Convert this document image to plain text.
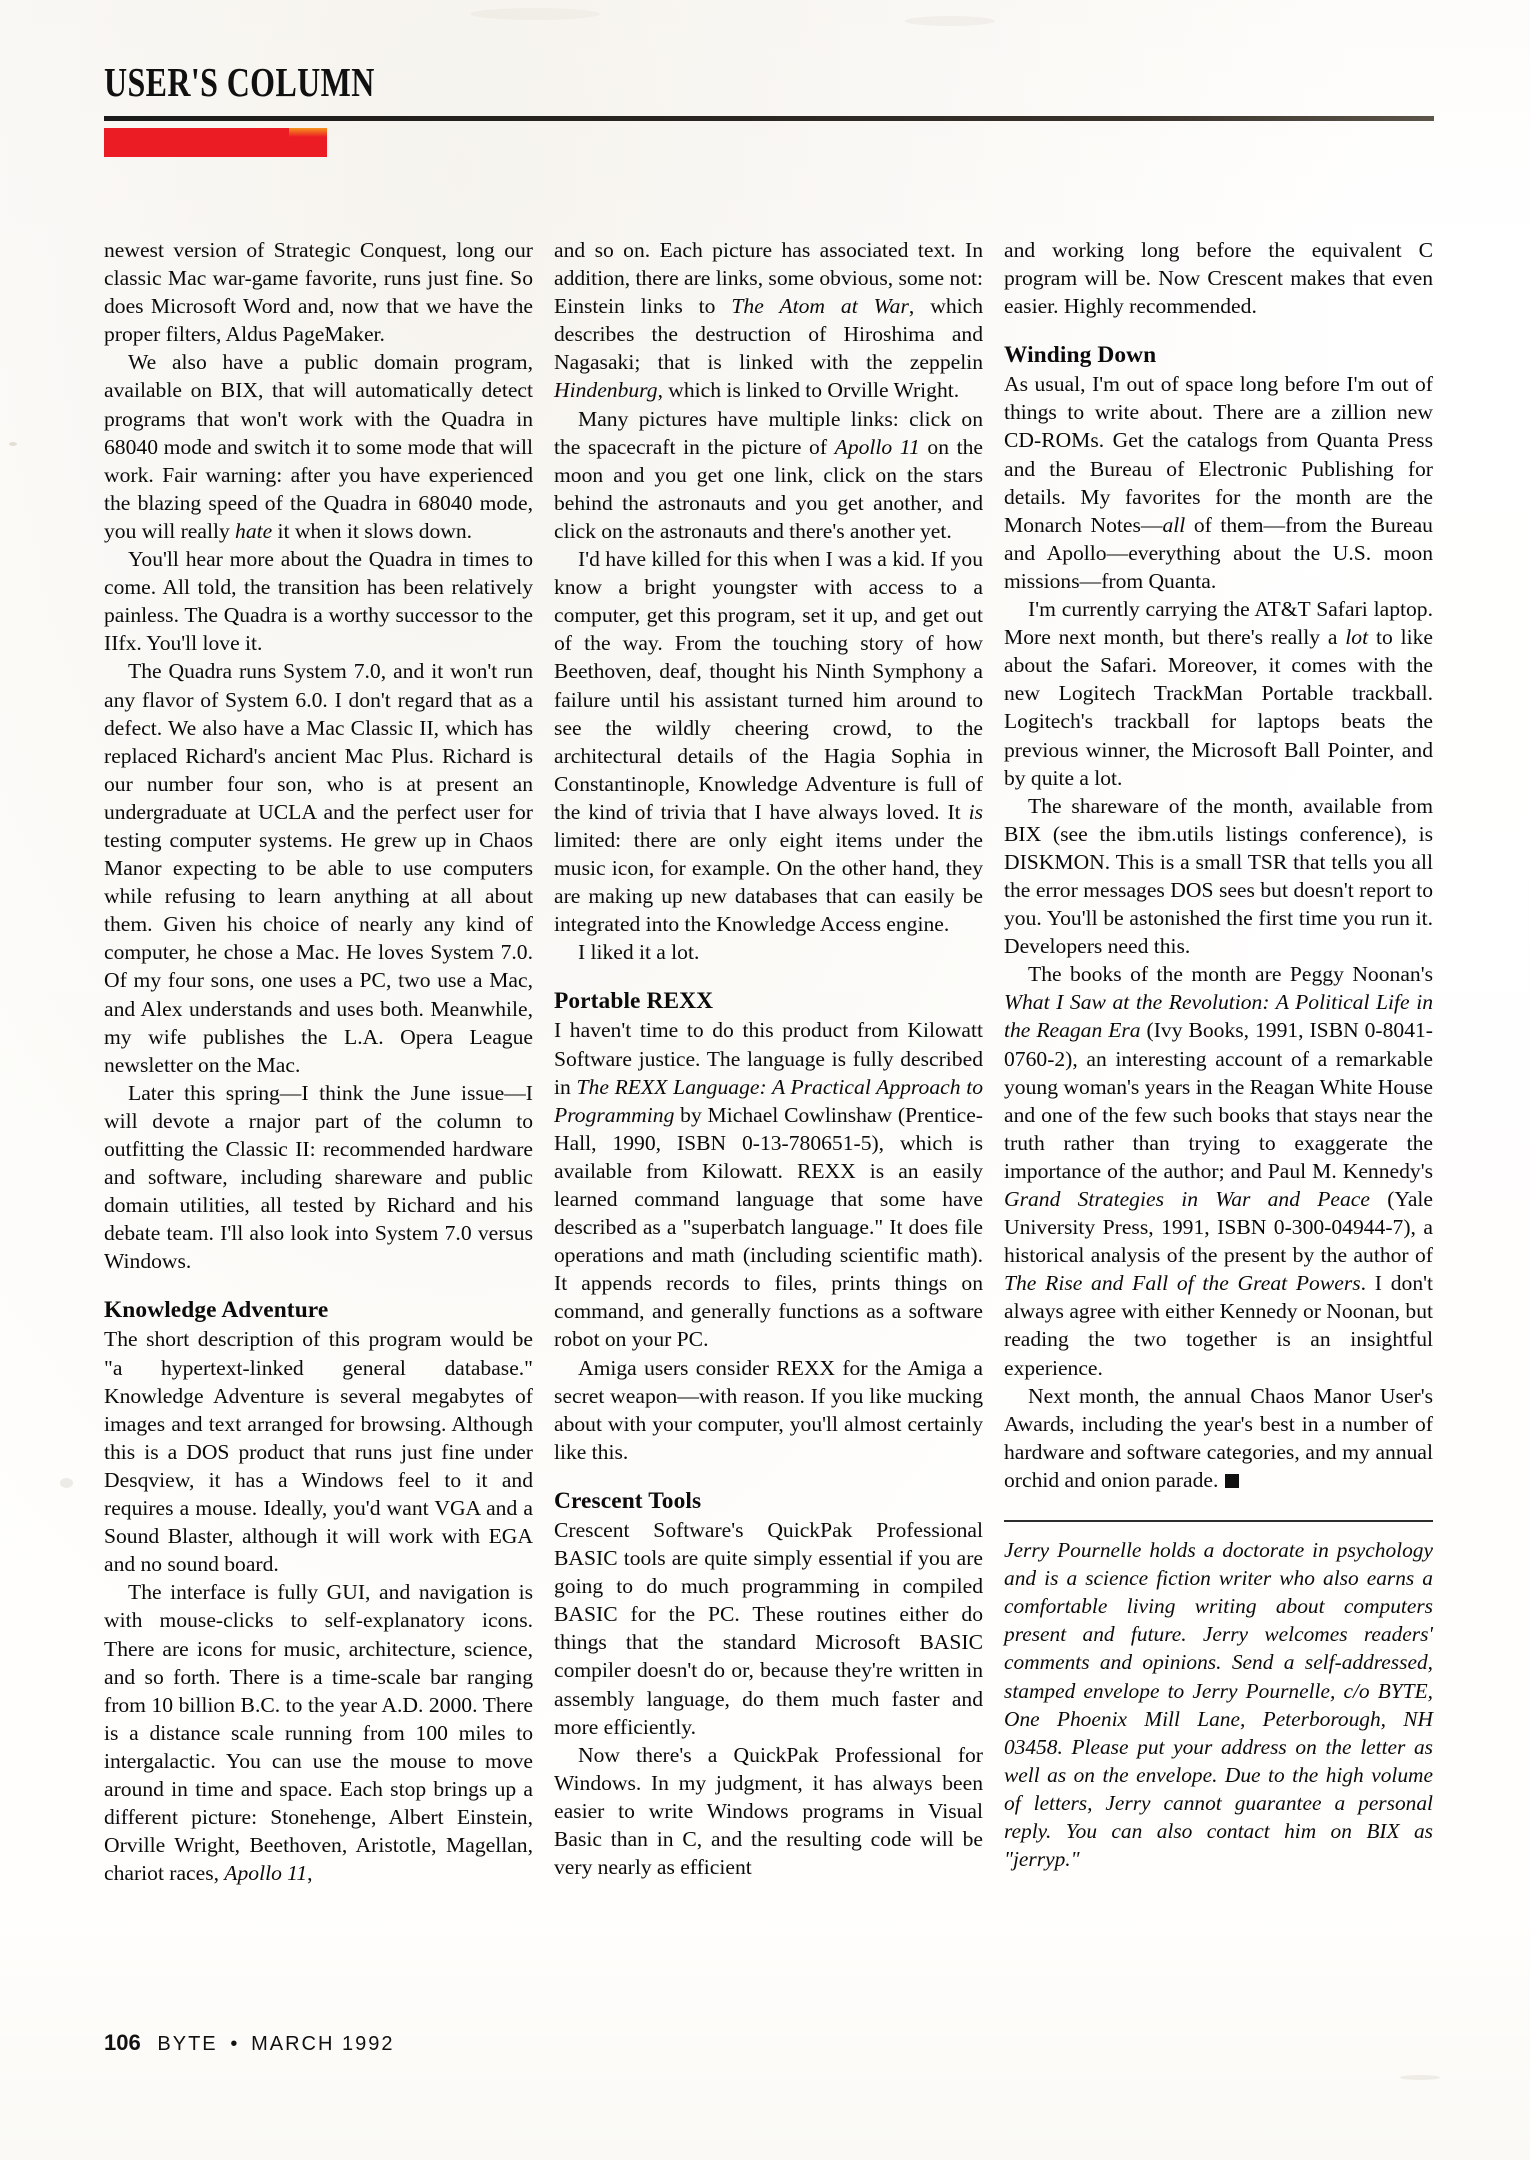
USER'S COLUMN

newest version of Strategic Conquest, long our classic Mac war-game favorite, runs just fine. So does Microsoft Word and, now that we have the proper filters, Aldus PageMaker.

We also have a public domain program, available on BIX, that will automatically detect programs that won't work with the Quadra in 68040 mode and switch it to some mode that will work. Fair warning: after you have experienced the blazing speed of the Quadra in 68040 mode, you will really hate it when it slows down.

You'll hear more about the Quadra in times to come. All told, the transition has been relatively painless. The Quadra is a worthy successor to the IIfx. You'll love it.

The Quadra runs System 7.0, and it won't run any flavor of System 6.0. I don't regard that as a defect. We also have a Mac Classic II, which has replaced Richard's ancient Mac Plus. Richard is our number four son, who is at present an undergraduate at UCLA and the perfect user for testing computer systems. He grew up in Chaos Manor expecting to be able to use computers while refusing to learn anything at all about them. Given his choice of nearly any kind of computer, he chose a Mac. He loves System 7.0. Of my four sons, one uses a PC, two use a Mac, and Alex understands and uses both. Meanwhile, my wife publishes the L.A. Opera League newsletter on the Mac.

Later this spring—I think the June issue—I will devote a rnajor part of the column to outfitting the Classic II: recommended hardware and software, including shareware and public domain utilities, all tested by Richard and his debate team. I'll also look into System 7.0 versus Windows.

Knowledge Adventure

The short description of this program would be "a hypertext-linked general database." Knowledge Adventure is several megabytes of images and text arranged for browsing. Although this is a DOS product that runs just fine under Desqview, it has a Windows feel to it and requires a mouse. Ideally, you'd want VGA and a Sound Blaster, although it will work with EGA and no sound board.

The interface is fully GUI, and navigation is with mouse-clicks to self-explanatory icons. There are icons for music, architecture, science, and so forth. There is a time-scale bar ranging from 10 billion B.C. to the year A.D. 2000. There is a distance scale running from 100 miles to intergalactic. You can use the mouse to move around in time and space. Each stop brings up a different picture: Stonehenge, Albert Einstein, Orville Wright, Beethoven, Aristotle, Magellan, chariot races, Apollo 11,

and so on. Each picture has associated text. In addition, there are links, some obvious, some not: Einstein links to The Atom at War, which describes the destruction of Hiroshima and Nagasaki; that is linked with the zeppelin Hindenburg, which is linked to Orville Wright.

Many pictures have multiple links: click on the spacecraft in the picture of Apollo 11 on the moon and you get one link, click on the stars behind the astronauts and you get another, and click on the astronauts and there's another yet.

I'd have killed for this when I was a kid. If you know a bright youngster with access to a computer, get this program, set it up, and get out of the way. From the touching story of how Beethoven, deaf, thought his Ninth Symphony a failure until his assistant turned him around to see the wildly cheering crowd, to the architectural details of the Hagia Sophia in Constantinople, Knowledge Adventure is full of the kind of trivia that I have always loved. It is limited: there are only eight items under the music icon, for example. On the other hand, they are making up new databases that can easily be integrated into the Knowledge Access engine.

I liked it a lot.

Portable REXX

I haven't time to do this product from Kilowatt Software justice. The language is fully described in The REXX Language: A Practical Approach to Programming by Michael Cowlinshaw (Prentice-Hall, 1990, ISBN 0-13-780651-5), which is available from Kilowatt. REXX is an easily learned command language that some have described as a "superbatch language." It does file operations and math (including scientific math). It appends records to files, prints things on command, and generally functions as a software robot on your PC.

Amiga users consider REXX for the Amiga a secret weapon—with reason. If you like mucking about with your computer, you'll almost certainly like this.

Crescent Tools

Crescent Software's QuickPak Professional BASIC tools are quite simply essential if you are going to do much programming in compiled BASIC for the PC. These routines either do things that the standard Microsoft BASIC compiler doesn't do or, because they're written in assembly language, do them much faster and more efficiently.

Now there's a QuickPak Professional for Windows. In my judgment, it has always been easier to write Windows programs in Visual Basic than in C, and the resulting code will be very nearly as efficient

and working long before the equivalent C program will be. Now Crescent makes that even easier. Highly recommended.

Winding Down

As usual, I'm out of space long before I'm out of things to write about. There are a zillion new CD-ROMs. Get the catalogs from Quanta Press and the Bureau of Electronic Publishing for details. My favorites for the month are the Monarch Notes—all of them—from the Bureau and Apollo—everything about the U.S. moon missions—from Quanta.

I'm currently carrying the AT&T Safari laptop. More next month, but there's really a lot to like about the Safari. Moreover, it comes with the new Logitech TrackMan Portable trackball. Logitech's trackball for laptops beats the previous winner, the Microsoft Ball Pointer, and by quite a lot.

The shareware of the month, available from BIX (see the ibm.utils listings conference), is DISKMON. This is a small TSR that tells you all the error messages DOS sees but doesn't report to you. You'll be astonished the first time you run it. Developers need this.

The books of the month are Peggy Noonan's What I Saw at the Revolution: A Political Life in the Reagan Era (Ivy Books, 1991, ISBN 0-8041-0760-2), an interesting account of a remarkable young woman's years in the Reagan White House and one of the few such books that stays near the truth rather than trying to exaggerate the importance of the author; and Paul M. Kennedy's Grand Strategies in War and Peace (Yale University Press, 1991, ISBN 0-300-04944-7), a historical analysis of the present by the author of The Rise and Fall of the Great Powers. I don't always agree with either Kennedy or Noonan, but reading the two together is an insightful experience.

Next month, the annual Chaos Manor User's Awards, including the year's best in a number of hardware and software categories, and my annual orchid and onion parade.

Jerry Pournelle holds a doctorate in psychology and is a science fiction writer who also earns a comfortable living writing about computers present and future. Jerry welcomes readers' comments and opinions. Send a self-addressed, stamped envelope to Jerry Pournelle, c/o BYTE, One Phoenix Mill Lane, Peterborough, NH 03458. Please put your address on the letter as well as on the envelope. Due to the high volume of letters, Jerry cannot guarantee a personal reply. You can also contact him on BIX as "jerryp."

106 BYTE • MARCH 1992
